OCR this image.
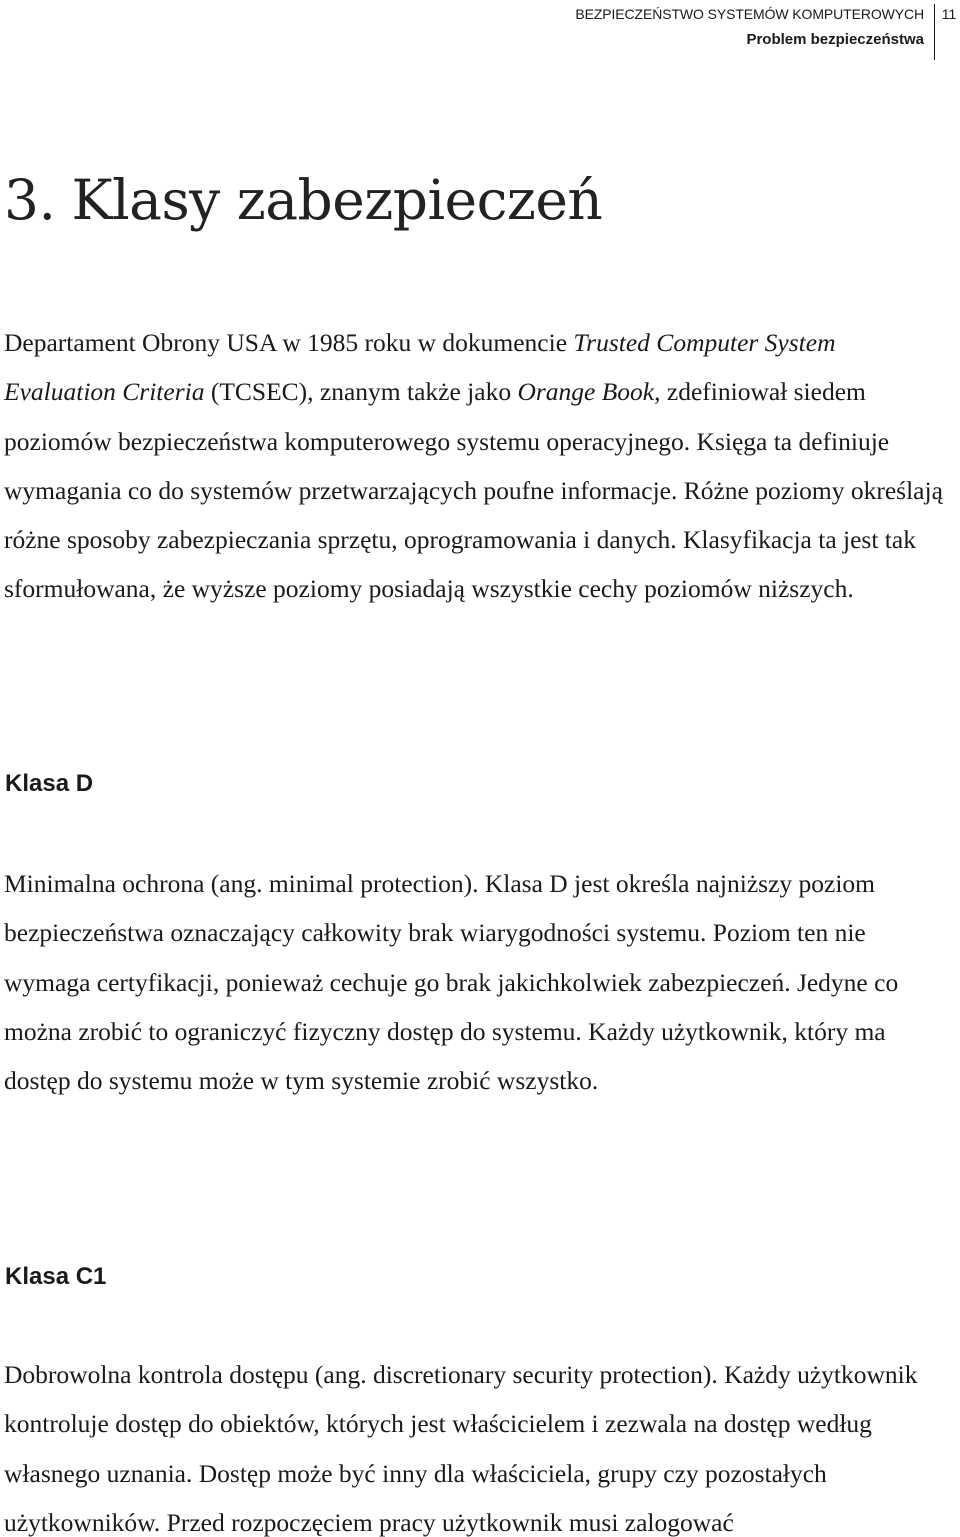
BEZPIECZEŃSTWO SYSTEMÓW KOMPUTEROWYCH
Problem bezpieczeństwa
11
3. Klasy zabezpieczeń

Departament Obrony USA w 1985 roku w dokumencie Trusted Computer System Evaluation Criteria (TCSEC), znanym także jako Orange Book, zdefiniował siedem poziomów bezpieczeństwa komputerowego systemu operacyjnego. Księga ta definiuje wymagania co do systemów przetwarzających poufne informacje. Różne poziomy określają różne sposoby zabezpieczania sprzętu, oprogramowania i danych. Klasyfikacja ta jest tak sformułowana, że wyższe poziomy posiadają wszystkie cechy poziomów niższych.

Klasa D

Minimalna ochrona (ang. minimal protection). Klasa D jest określa najniższy poziom bezpieczeństwa oznaczający całkowity brak wiarygodności systemu. Poziom ten nie wymaga certyfikacji, ponieważ cechuje go brak jakichkolwiek zabezpieczeń. Jedyne co można zrobić to ograniczyć fizyczny dostęp do systemu. Każdy użytkownik, który ma dostęp do systemu może w tym systemie zrobić wszystko.

Klasa C1

Dobrowolna kontrola dostępu (ang. discretionary security protection). Każdy użytkownik kontroluje dostęp do obiektów, których jest właścicielem i zezwala na dostęp według własnego uznania. Dostęp może być inny dla właściciela, grupy czy pozostałych użytkowników. Przed rozpoczęciem pracy użytkownik musi zalogować
